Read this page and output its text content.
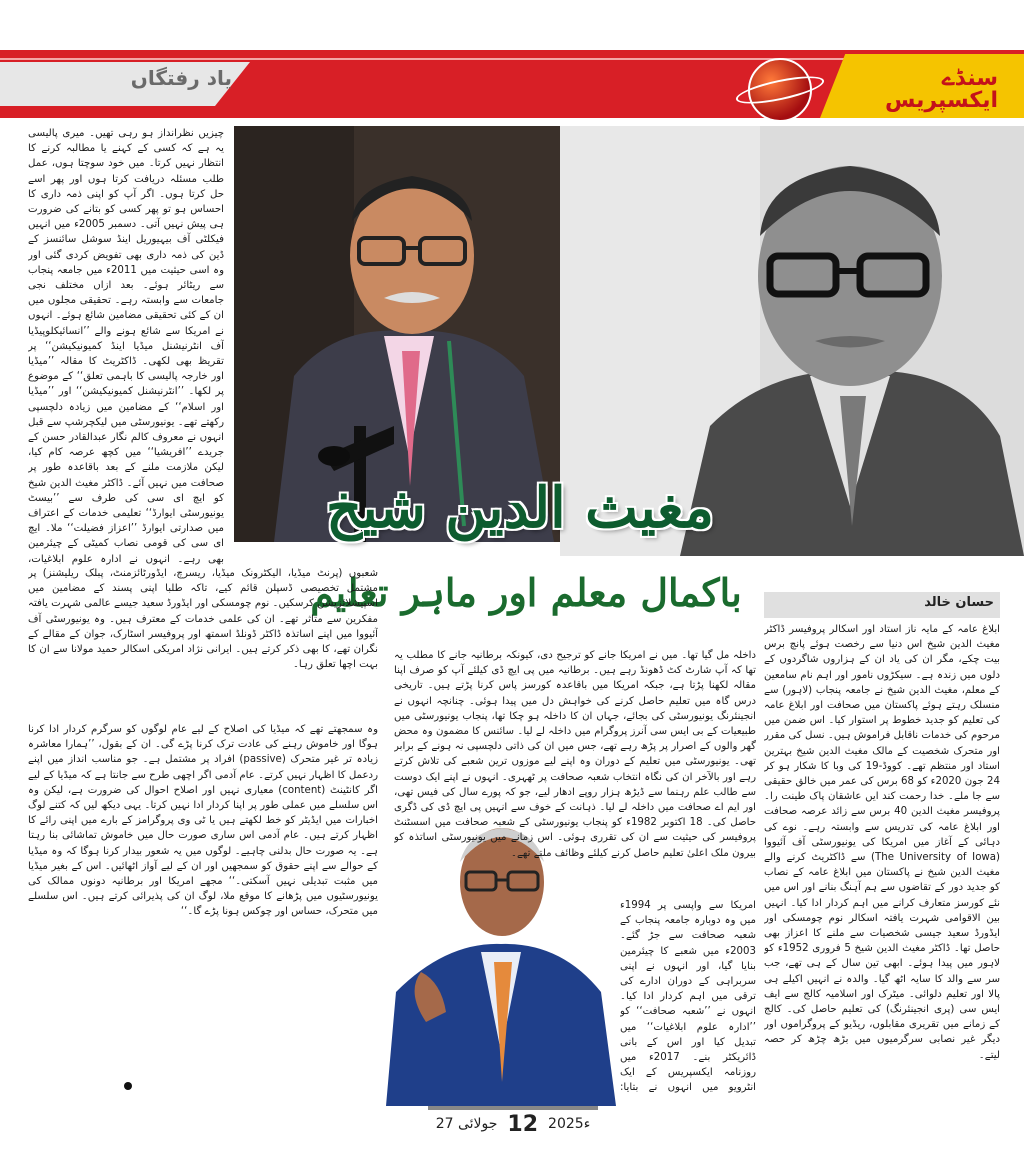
یاد رفتگاں	سنڈے ایکسپریس
حسان خالد
مغیث الدین شیخ
باکمال معلم اور ماہر تعلیم
چیزیں نظرانداز ہو رہی تھیں۔ میری پالیسی یہ ہے کہ کسی کے کہنے یا مطالبہ کرنے کا انتظار نہیں کرتا۔ میں خود سوچتا ہوں، عمل طلب مسئلہ دریافت کرتا ہوں اور پھر اسے حل کرتا ہوں۔ اگر آپ کو اپنی ذمہ داری کا احساس ہو تو پھر کسی کو بتانے کی ضرورت ہی پیش نہیں آتی۔ دسمبر 2005ء میں انہیں فیکلٹی آف بیہیوریل اینڈ سوشل سائنسز کے ڈین کی ذمہ داری بھی تفویض کردی گئی اور وہ اسی حیثیت میں 2011ء میں جامعہ پنجاب سے ریٹائر ہوئے۔ بعد ازاں مختلف نجی جامعات سے وابستہ رہے۔ تحقیقی مجلوں میں ان کے کئی تحقیقی مضامین شائع ہوئے۔ انہوں نے امریکا سے شائع ہونے والے ’’انسائیکلوپیڈیا آف انٹرنیشنل میڈیا اینڈ کمیونیکیشن‘‘ پر تقریظ بھی لکھی۔ ڈاکٹریٹ کا مقالہ ’’میڈیا اور خارجہ پالیسی کا باہمی تعلق‘‘ کے موضوع پر لکھا۔ ’’انٹرنیشنل کمیونیکیشن‘‘ اور ’’میڈیا اور اسلام‘‘ کے مضامین میں زیادہ دلچسپی رکھتے تھے۔ یونیورسٹی میں لیکچرشپ سے قبل انہوں نے معروف کالم نگار عبدالقادر حسن کے جریدے ’’افریشیا‘‘ میں کچھ عرصہ کام کیا، لیکن ملازمت ملنے کے بعد باقاعدہ طور پر صحافت میں نہیں آئے۔ ڈاکٹر مغیث الدین شیخ کو ایچ ای سی کی طرف سے ’’بیسٹ یونیورسٹی ایوارڈ‘‘ تعلیمی خدمات کے اعتراف میں صدارتی ایوارڈ ’’اعزاز فضیلت‘‘ ملا۔ ایچ ای سی کی قومی نصاب کمیٹی کے چیئرمین بھی رہے۔ انہوں نے ادارہ علوم ابلاغیات،
شعبوں (پرنٹ میڈیا، الیکٹرونک میڈیا، ریسرچ، ایڈورٹائزمنٹ، پبلک ریلیشنز) پر مشتمل تخصیصی ڈسپلن قائم کیے، تاکہ طلبا اپنی پسند کے مضامین میں اسپیشلائزیشن کرسکیں۔ نوم چومسکی اور ایڈورڈ سعید جیسے عالمی شہرت یافتہ مفکرین سے متاثر تھے۔ ان کی علمی خدمات کے معترف ہیں۔ وہ یونیورسٹی آف آئیووا میں اپنے اساتذہ ڈاکٹر ڈونلڈ اسمتھ اور پروفیسر اسٹارک، جوان کے مقالے کے نگران تھے، کا بھی ذکر کرتے ہیں۔ ایرانی نژاد امریکی اسکالر حمید مولانا سے ان کا بہت اچھا تعلق رہا۔
وہ سمجھتے تھے کہ میڈیا کی اصلاح کے لیے عام لوگوں کو سرگرم کردار ادا کرنا ہوگا اور خاموش رہنے کی عادت ترک کرنا پڑے گی۔ ان کے بقول، ’’ہمارا معاشرہ زیادہ تر غیر متحرک (passive) افراد پر مشتمل ہے۔ جو مناسب انداز میں اپنے ردعمل کا اظہار نہیں کرتے۔ عام آدمی اگر اچھی طرح سے جانتا ہے کہ میڈیا کے لیے اگر کانٹینٹ (content) معیاری نہیں اور اصلاح احوال کی ضرورت ہے، لیکن وہ اس سلسلے میں عملی طور پر اپنا کردار ادا نہیں کرتا۔ یہی دیکھ لیں کہ کتنے لوگ اخبارات میں ایڈیٹر کو خط لکھتے ہیں یا ٹی وی پروگرامز کے بارے میں اپنی رائے کا اظہار کرتے ہیں۔ عام آدمی اس ساری صورت حال میں خاموش تماشائی بنا رہتا ہے۔ یہ صورت حال بدلنی چاہیے۔ لوگوں میں یہ شعور بیدار کرنا ہوگا کہ وہ میڈیا کے حوالے سے اپنے حقوق کو سمجھیں اور ان کے لیے آواز اٹھائیں۔ اس کے بغیر میڈیا میں مثبت تبدیلی نہیں آسکتی۔‘‘ مجھے امریکا اور برطانیہ دونوں ممالک کی یونیورسٹیوں میں پڑھانے کا موقع ملا، لوگ ان کی پذیرائی کرتے ہیں۔ اس سلسلے میں متحرک، حساس اور چوکس ہونا پڑے گا۔‘‘
داخلہ مل گیا تھا۔ میں نے امریکا جانے کو ترجیح دی، کیونکہ برطانیہ جانے کا مطلب یہ تھا کہ آپ شارٹ کٹ ڈھونڈ رہے ہیں۔ برطانیہ میں پی ایچ ڈی کیلئے آپ کو صرف اپنا مقالہ لکھنا پڑتا ہے، جبکہ امریکا میں باقاعدہ کورسز پاس کرنا پڑتے ہیں۔ تاریخی درس گاہ میں تعلیم حاصل کرنے کی خواہش دل میں پیدا ہوئی۔ چنانچہ انہوں نے انجینئرنگ یونیورسٹی کی بجائے، جہاں ان کا داخلہ ہو چکا تھا، پنجاب یونیورسٹی میں طبیعیات کے بی ایس سی آنرز پروگرام میں داخلہ لے لیا۔ سائنس کا مضمون وہ محض گھر والوں کے اصرار پر پڑھ رہے تھے، جس میں ان کی ذاتی دلچسپی نہ ہونے کے برابر تھی۔ یونیورسٹی میں تعلیم کے دوران وہ اپنے لیے موزوں ترین شعبے کی تلاش کرتے رہے اور بالآخر ان کی نگاہ انتخاب شعبہ صحافت پر ٹھہری۔ انہوں نے اپنے ایک دوست سے طالب علم رہنما سے ڈیڑھ ہزار روپے ادھار لیے، جو کہ پورے سال کی فیس تھی، اور ایم اے صحافت میں داخلہ لے لیا۔ ذہانت کے خوف سے انہیں پی ایچ ڈی کی ڈگری حاصل کی۔ 18 اکتوبر 1982ء کو پنجاب یونیورسٹی کے شعبہ صحافت میں اسسٹنٹ پروفیسر کی حیثیت سے ان کی تقرری ہوئی۔ اس زمانے میں یونیورسٹی اساتذہ کو بیرون ملک اعلیٰ تعلیم حاصل کرنے کیلئے وظائف ملتے تھے۔
امریکا سے واپسی پر 1994ء میں وہ دوبارہ جامعہ پنجاب کے شعبہ صحافت سے جڑ گئے۔ 2003ء میں شعبے کا چیئرمین بنایا گیا، اور انہوں نے اپنی سربراہی کے دوران ادارے کی ترقی میں اہم کردار ادا کیا۔ انہوں نے ’’شعبہ صحافت‘‘ کو ’’ادارہ علوم ابلاغیات‘‘ میں تبدیل کیا اور اس کے بانی ڈائریکٹر بنے۔ 2017ء میں روزنامہ ایکسپریس کے ایک انٹرویو میں انہوں نے بتایا:
ابلاغ عامہ کے مایہ ناز استاد اور اسکالر پروفیسر ڈاکٹر مغیث الدین شیخ اس دنیا سے رخصت ہوئے پانچ برس بیت چکے، مگر ان کی یاد ان کے ہزاروں شاگردوں کے دلوں میں زندہ ہے۔ سیکڑوں نامور اور اہم نام سامعین کے معلم، مغیث الدین شیخ نے جامعہ پنجاب (لاہور) سے منسلک رہتے ہوئے پاکستان میں صحافت اور ابلاغ عامہ کی تعلیم کو جدید خطوط پر استوار کیا۔ اس ضمن میں مرحوم کی خدمات ناقابل فراموش ہیں۔ نسل کی مقرر اور متحرک شخصیت کے مالک مغیث الدین شیخ بہترین استاد اور منتظم تھے۔ کووڈ-19 کی وبا کا شکار ہو کر 24 جون 2020ء کو 68 برس کی عمر میں خالق حقیقی سے جا ملے۔ خدا رحمت کند ایں عاشقان پاک طینت را۔ پروفیسر مغیث الدین 40 برس سے زائد عرصہ صحافت اور ابلاغ عامہ کی تدریس سے وابستہ رہے۔ نوے کی دہائی کے آغاز میں امریکا کی یونیورسٹی آف آئیووا (The University of Iowa) سے ڈاکٹریٹ کرنے والے مغیث الدین شیخ نے پاکستان میں ابلاغ عامہ کے نصاب کو جدید دور کے تقاضوں سے ہم آہنگ بنانے اور اس میں نئے کورسز متعارف کرانے میں اہم کردار ادا کیا۔ انہیں بین الاقوامی شہرت یافتہ اسکالر نوم چومسکی اور ایڈورڈ سعید جیسی شخصیات سے ملنے کا اعزاز بھی حاصل تھا۔ ڈاکٹر مغیث الدین شیخ 5 فروری 1952ء کو لاہور میں پیدا ہوئے۔ ابھی تین سال کے ہی تھے، جب سر سے والد کا سایہ اٹھ گیا۔ والدہ نے انہیں اکیلے ہی پالا اور تعلیم دلوائی۔ میٹرک اور اسلامیہ کالج سے ایف ایس سی (پری انجینئرنگ) کی تعلیم حاصل کی۔ کالج کے زمانے میں تقریری مقابلوں، ریڈیو کے پروگراموں اور دیگر غیر نصابی سرگرمیوں میں بڑھ چڑھ کر حصہ لیتے۔
27 جولائی 12 2025ء
